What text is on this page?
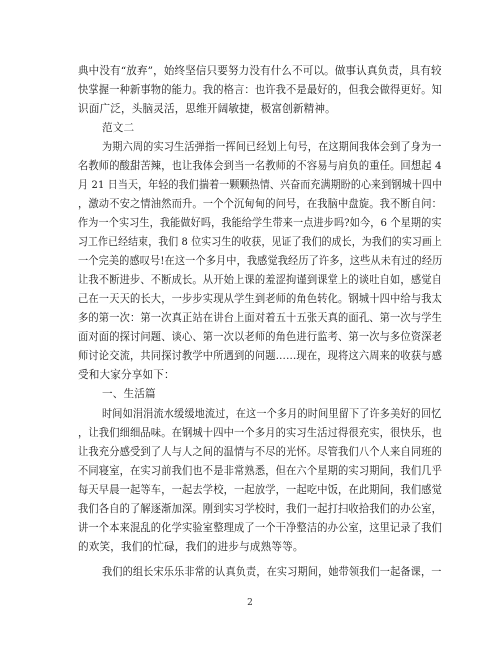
典中没有“放弃”，始终坚信只要努力没有什么不可以。做事认真负责，具有较
快掌握一种新事物的能力。我的格言：也许我不是最好的，但我会做得更好。知
识面广泛，头脑灵活，思维开阔敏捷，极富创新精神。
范文二
为期六周的实习生活弹指一挥间已经划上句号，在这期间我体会到了身为一
名教师的酸甜苦辣，也让我体会到当一名教师的不容易与肩负的重任。回想起 4
月 21 日当天，年轻的我们揣着一颗颗热情、兴奋而充满期盼的心来到钢城十四中
，激动不安之情油然而升。一个个沉甸甸的问号，在我脑中盘旋。我不断自问：
作为一个实习生，我能做好吗，我能给学生带来一点进步吗?如今，6 个星期的实
习工作已经结束，我们 8 位实习生的收获，见证了我们的成长，为我们的实习画上
一个完美的感叹号!在这一个多月中，我感觉我经历了许多，这些从未有过的经历
让我不断进步、不断成长。从开始上课的羞涩拘谨到课堂上的谈吐自如，感觉自
己在一天天的长大，一步步实现从学生到老师的角色转化。钢城十四中给与我太
多的第一次：第一次真正站在讲台上面对着五十五张天真的面孔、第一次与学生
面对面的探讨问题、谈心、第一次以老师的角色进行监考、第一次与多位资深老
师讨论交流，共同探讨教学中所遇到的问题……现在，现将这六周来的收获与感
受和大家分享如下：
一、生活篇
时间如涓涓流水缓缓地流过，在这一个多月的时间里留下了许多美好的回忆
，让我们细细品味。在钢城十四中一个多月的实习生活过得很充实，很快乐，也
让我充分感受到了人与人之间的温情与不尽的光怀。尽管我们八个人来自同班的
不同寝室，在实习前我们也不是非常熟悉，但在六个星期的实习期间，我们几乎
每天早晨一起等车，一起去学校，一起放学，一起吃中饭，在此期间，我们感觉
我们各自的了解逐渐加深。刚到实习学校时，我们一起打扫收拾我们的办公室，
讲一个本来混乱的化学实验室整理成了一个干净整洁的办公室，这里记录了我们
的欢笑，我们的忙碌，我们的进步与成熟等等。
我们的组长宋乐乐非常的认真负责，在实习期间，她带领我们一起备课，一
2
